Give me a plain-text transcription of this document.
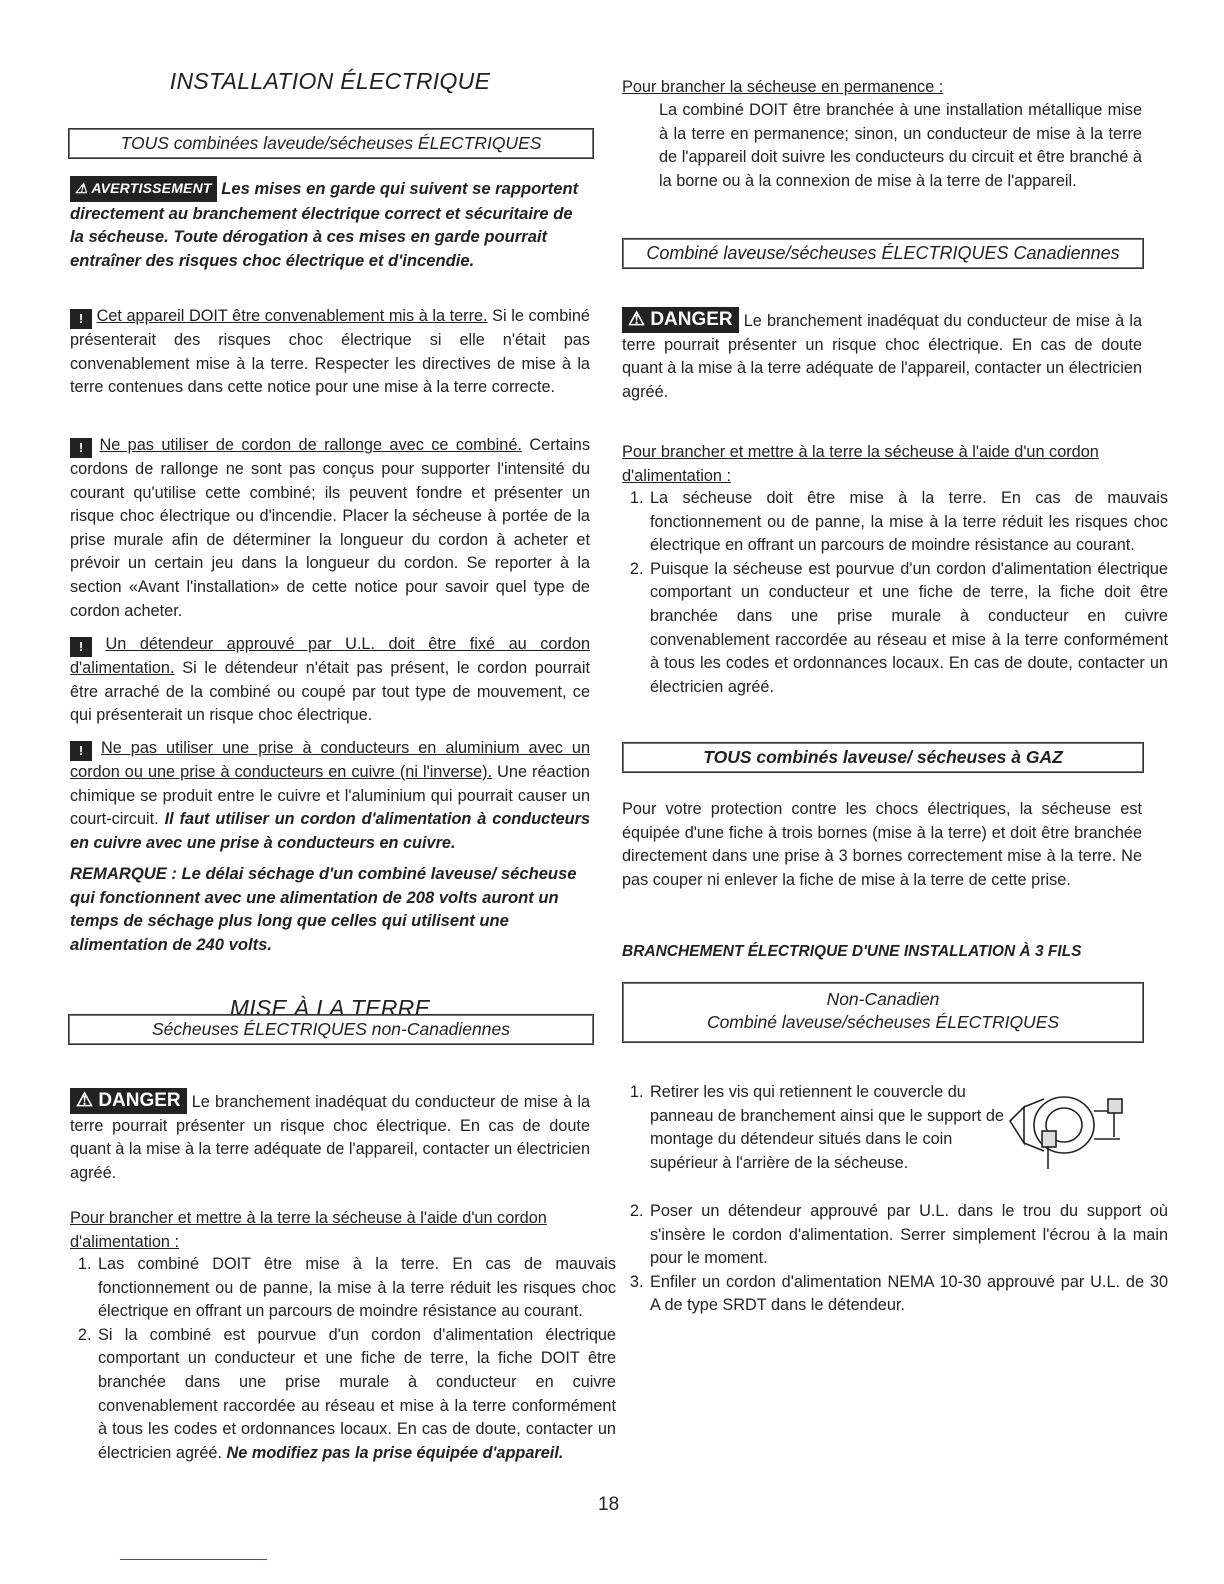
INSTALLATION ÉLECTRIQUE
TOUS combinées laveude/sécheuses ÉLECTRIQUES

⚠ AVERTISSEMENT Les mises en garde qui suivent se rapportent directement au branchement électrique correct et sécuritaire de la sécheuse. Toute dérogation à ces mises en garde pourrait entraîner des risques choc électrique et d'incendie.

! Cet appareil DOIT être convenablement mis à la terre. Si le combiné présenterait des risques choc électrique si elle n'était pas convenablement mise à la terre. Respecter les directives de mise à la terre contenues dans cette notice pour une mise à la terre correcte.

! Ne pas utiliser de cordon de rallonge avec ce combiné. Certains cordons de rallonge ne sont pas conçus pour supporter l'intensité du courant qu'utilise cette combiné; ils peuvent fondre et présenter un risque choc électrique ou d'incendie. Placer la sécheuse à portée de la prise murale afin de déterminer la longueur du cordon à acheter et prévoir un certain jeu dans la longueur du cordon. Se reporter à la section «Avant l'installation» de cette notice pour savoir quel type de cordon acheter.

! Un détendeur approuvé par U.L. doit être fixé au cordon d'alimentation. Si le détendeur n'était pas présent, le cordon pourrait être arraché de la combiné ou coupé par tout type de mouvement, ce qui présenterait un risque choc électrique.

! Ne pas utiliser une prise à conducteurs en aluminium avec un cordon ou une prise à conducteurs en cuivre (ni l'inverse). Une réaction chimique se produit entre le cuivre et l'aluminium qui pourrait causer un court-circuit. Il faut utiliser un cordon d'alimentation à conducteurs en cuivre avec une prise à conducteurs en cuivre.

REMARQUE : Le délai séchage d'un combiné laveuse/ sécheuse qui fonctionnent avec une alimentation de 208 volts auront un temps de séchage plus long que celles qui utilisent une alimentation de 240 volts.

MISE À LA TERRE
Sécheuses ÉLECTRIQUES non-Canadiennes

⚠ DANGER Le branchement inadéquat du conducteur de mise à la terre pourrait présenter un risque choc électrique. En cas de doute quant à la mise à la terre adéquate de l'appareil, contacter un électricien agréé.

Pour brancher et mettre à la terre la sécheuse à l'aide d'un cordon d'alimentation :

1. Las combiné DOIT être mise à la terre. En cas de mauvais fonctionnement ou de panne, la mise à la terre réduit les risques choc électrique en offrant un parcours de moindre résistance au courant.
2. Si la combiné est pourvue d'un cordon d'alimentation électrique comportant un conducteur et une fiche de terre, la fiche DOIT être branchée dans une prise murale à conducteur en cuivre convenablement raccordée au réseau et mise à la terre conformément à tous les codes et ordonnances locaux. En cas de doute, contacter un électricien agréé. Ne modifiez pas la prise équipée d'appareil.

Pour brancher la sécheuse en permanence :

La combiné DOIT être branchée à une installation métallique mise à la terre en permanence; sinon, un conducteur de mise à la terre de l'appareil doit suivre les conducteurs du circuit et être branché à la borne ou à la connexion de mise à la terre de l'appareil.

Combiné laveuse/sécheuses ÉLECTRIQUES Canadiennes

⚠ DANGER Le branchement inadéquat du conducteur de mise à la terre pourrait présenter un risque choc électrique. En cas de doute quant à la mise à la terre adéquate de l'appareil, contacter un électricien agréé.

Pour brancher et mettre à la terre la sécheuse à l'aide d'un cordon d'alimentation :

1. La sécheuse doit être mise à la terre. En cas de mauvais fonctionnement ou de panne, la mise à la terre réduit les risques choc électrique en offrant un parcours de moindre résistance au courant.
2. Puisque la sécheuse est pourvue d'un cordon d'alimentation électrique comportant un conducteur et une fiche de terre, la fiche doit être branchée dans une prise murale à conducteur en cuivre convenablement raccordée au réseau et mise à la terre conformément à tous les codes et ordonnances locaux. En cas de doute, contacter un électricien agréé.
TOUS combinés laveuse/ sécheuses à GAZ

Pour votre protection contre les chocs électriques, la sécheuse est équipée d'une fiche à trois bornes (mise à la terre) et doit être branchée directement dans une prise à 3 bornes correctement mise à la terre. Ne pas couper ni enlever la fiche de mise à la terre de cette prise.

BRANCHEMENT ÉLECTRIQUE D'UNE INSTALLATION À 3 FILS

Non-Canadien
Combiné laveuse/sécheuses ÉLECTRIQUES
1. Retirer les vis qui retiennent le couvercle du panneau de branchement ainsi que le support de montage du détendeur situés dans le coin supérieur à l'arrière de la sécheuse.
2. Poser un détendeur approuvé par U.L. dans le trou du support où s'insère le cordon d'alimentation. Serrer simplement l'écrou à la main pour le moment.
3. Enfiler un cordon d'alimentation NEMA 10-30 approuvé par U.L. de 30 A de type SRDT dans le détendeur.
18
